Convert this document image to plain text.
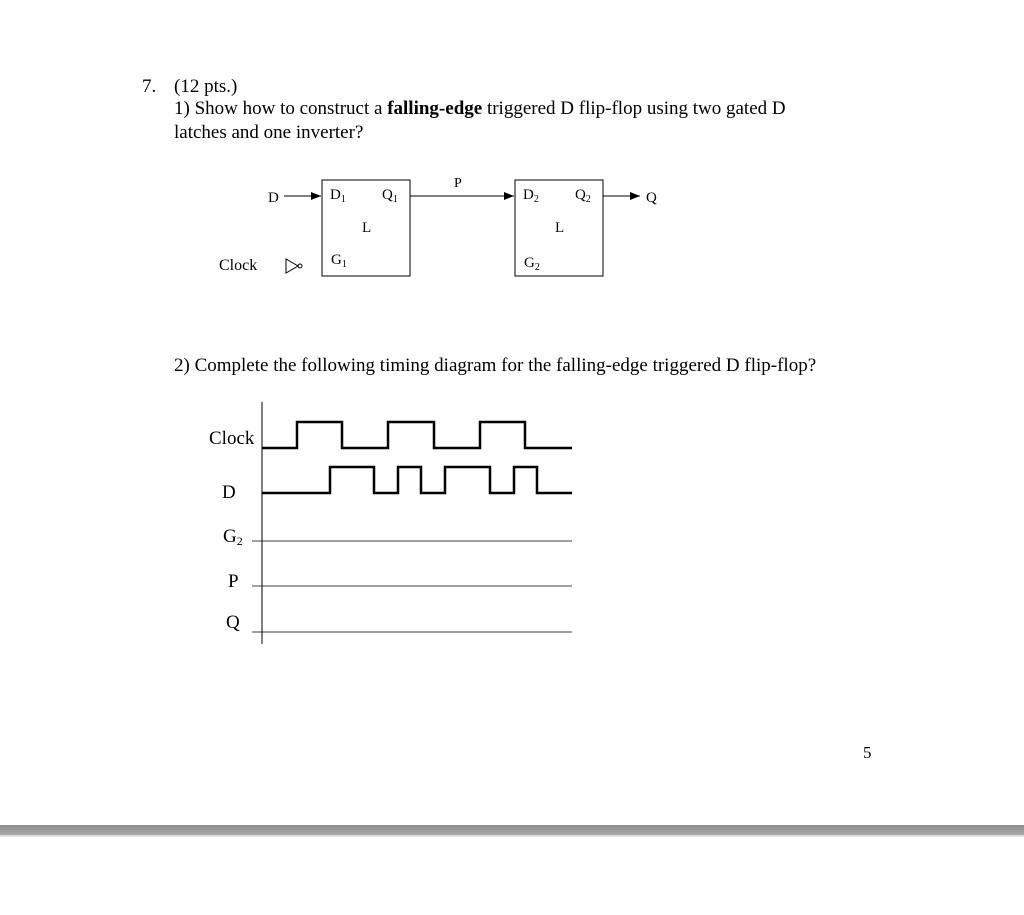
7. (12 pts.)
1) Show how to construct a falling-edge triggered D flip-flop using two gated D
latches and one inverter?
D	$D_1$ $Q_1$
L
$G_1$
Clock
P
$D_2$ $Q_2$
L
$G_2$
Q
2) Complete the following timing diagram for the falling-edge triggered D flip-flop?
Clock
D
G2
P
Q
5
